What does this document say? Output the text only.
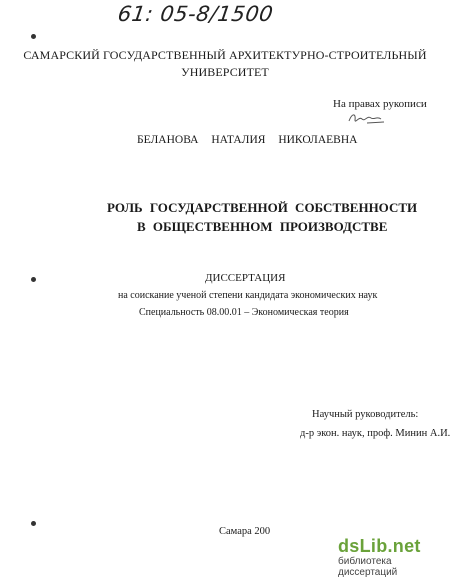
61: 05-8/1500
САМАРСКИЙ ГОСУДАРСТВЕННЫЙ АРХИТЕКТУРНО-СТРОИТЕЛЬНЫЙ
УНИВЕРСИТЕТ
На правах рукописи
БЕЛАНОВА НАТАЛИЯ НИКОЛАЕВНА
РОЛЬ ГОСУДАРСТВЕННОЙ СОБСТВЕННОСТИ
В ОБЩЕСТВЕННОМ ПРОИЗВОДСТВЕ
ДИССЕРТАЦИЯ
на соискание ученой степени кандидата экономических наук
Специальность 08.00.01 – Экономическая теория
Научный руководитель:
д-р экон. наук, проф. Минин А.И.
Самара 200
dsLib.net
библиотека диссертаций
